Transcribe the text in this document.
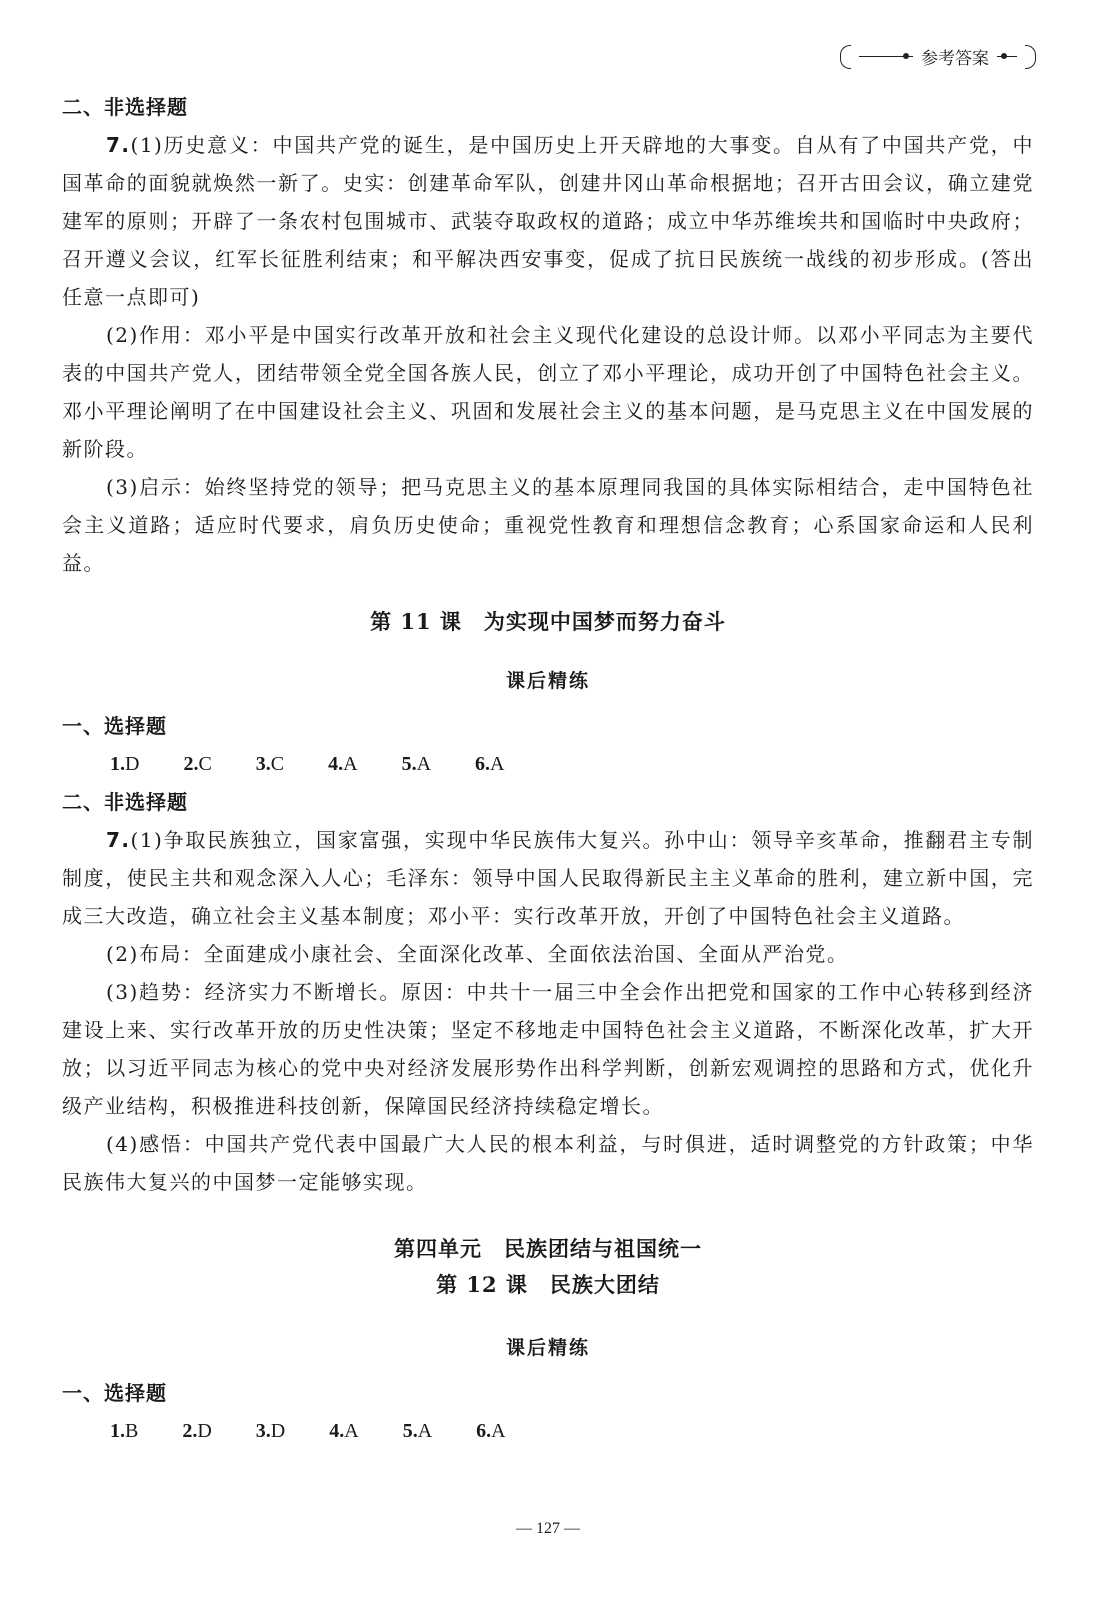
参考答案
二、非选择题

7.(1)历史意义：中国共产党的诞生，是中国历史上开天辟地的大事变。自从有了中国共产党，中国革命的面貌就焕然一新了。史实：创建革命军队，创建井冈山革命根据地；召开古田会议，确立建党建军的原则；开辟了一条农村包围城市、武装夺取政权的道路；成立中华苏维埃共和国临时中央政府；召开遵义会议，红军长征胜利结束；和平解决西安事变，促成了抗日民族统一战线的初步形成。(答出任意一点即可)

(2)作用：邓小平是中国实行改革开放和社会主义现代化建设的总设计师。以邓小平同志为主要代表的中国共产党人，团结带领全党全国各族人民，创立了邓小平理论，成功开创了中国特色社会主义。邓小平理论阐明了在中国建设社会主义、巩固和发展社会主义的基本问题，是马克思主义在中国发展的新阶段。

(3)启示：始终坚持党的领导；把马克思主义的基本原理同我国的具体实际相结合，走中国特色社会主义道路；适应时代要求，肩负历史使命；重视党性教育和理想信念教育；心系国家命运和人民利益。

第 11 课　为实现中国梦而努力奋斗
课后精练
一、选择题

1.D 2.C 3.C 4.A 5.A 6.A

二、非选择题

7.(1)争取民族独立，国家富强，实现中华民族伟大复兴。孙中山：领导辛亥革命，推翻君主专制制度，使民主共和观念深入人心；毛泽东：领导中国人民取得新民主主义革命的胜利，建立新中国，完成三大改造，确立社会主义基本制度；邓小平：实行改革开放，开创了中国特色社会主义道路。

(2)布局：全面建成小康社会、全面深化改革、全面依法治国、全面从严治党。

(3)趋势：经济实力不断增长。原因：中共十一届三中全会作出把党和国家的工作中心转移到经济建设上来、实行改革开放的历史性决策；坚定不移地走中国特色社会主义道路，不断深化改革，扩大开放；以习近平同志为核心的党中央对经济发展形势作出科学判断，创新宏观调控的思路和方式，优化升级产业结构，积极推进科技创新，保障国民经济持续稳定增长。

(4)感悟：中国共产党代表中国最广大人民的根本利益，与时俱进，适时调整党的方针政策；中华民族伟大复兴的中国梦一定能够实现。

第四单元　民族团结与祖国统一
第 12 课　民族大团结
课后精练
一、选择题

1.B 2.D 3.D 4.A 5.A 6.A

— 127 —
